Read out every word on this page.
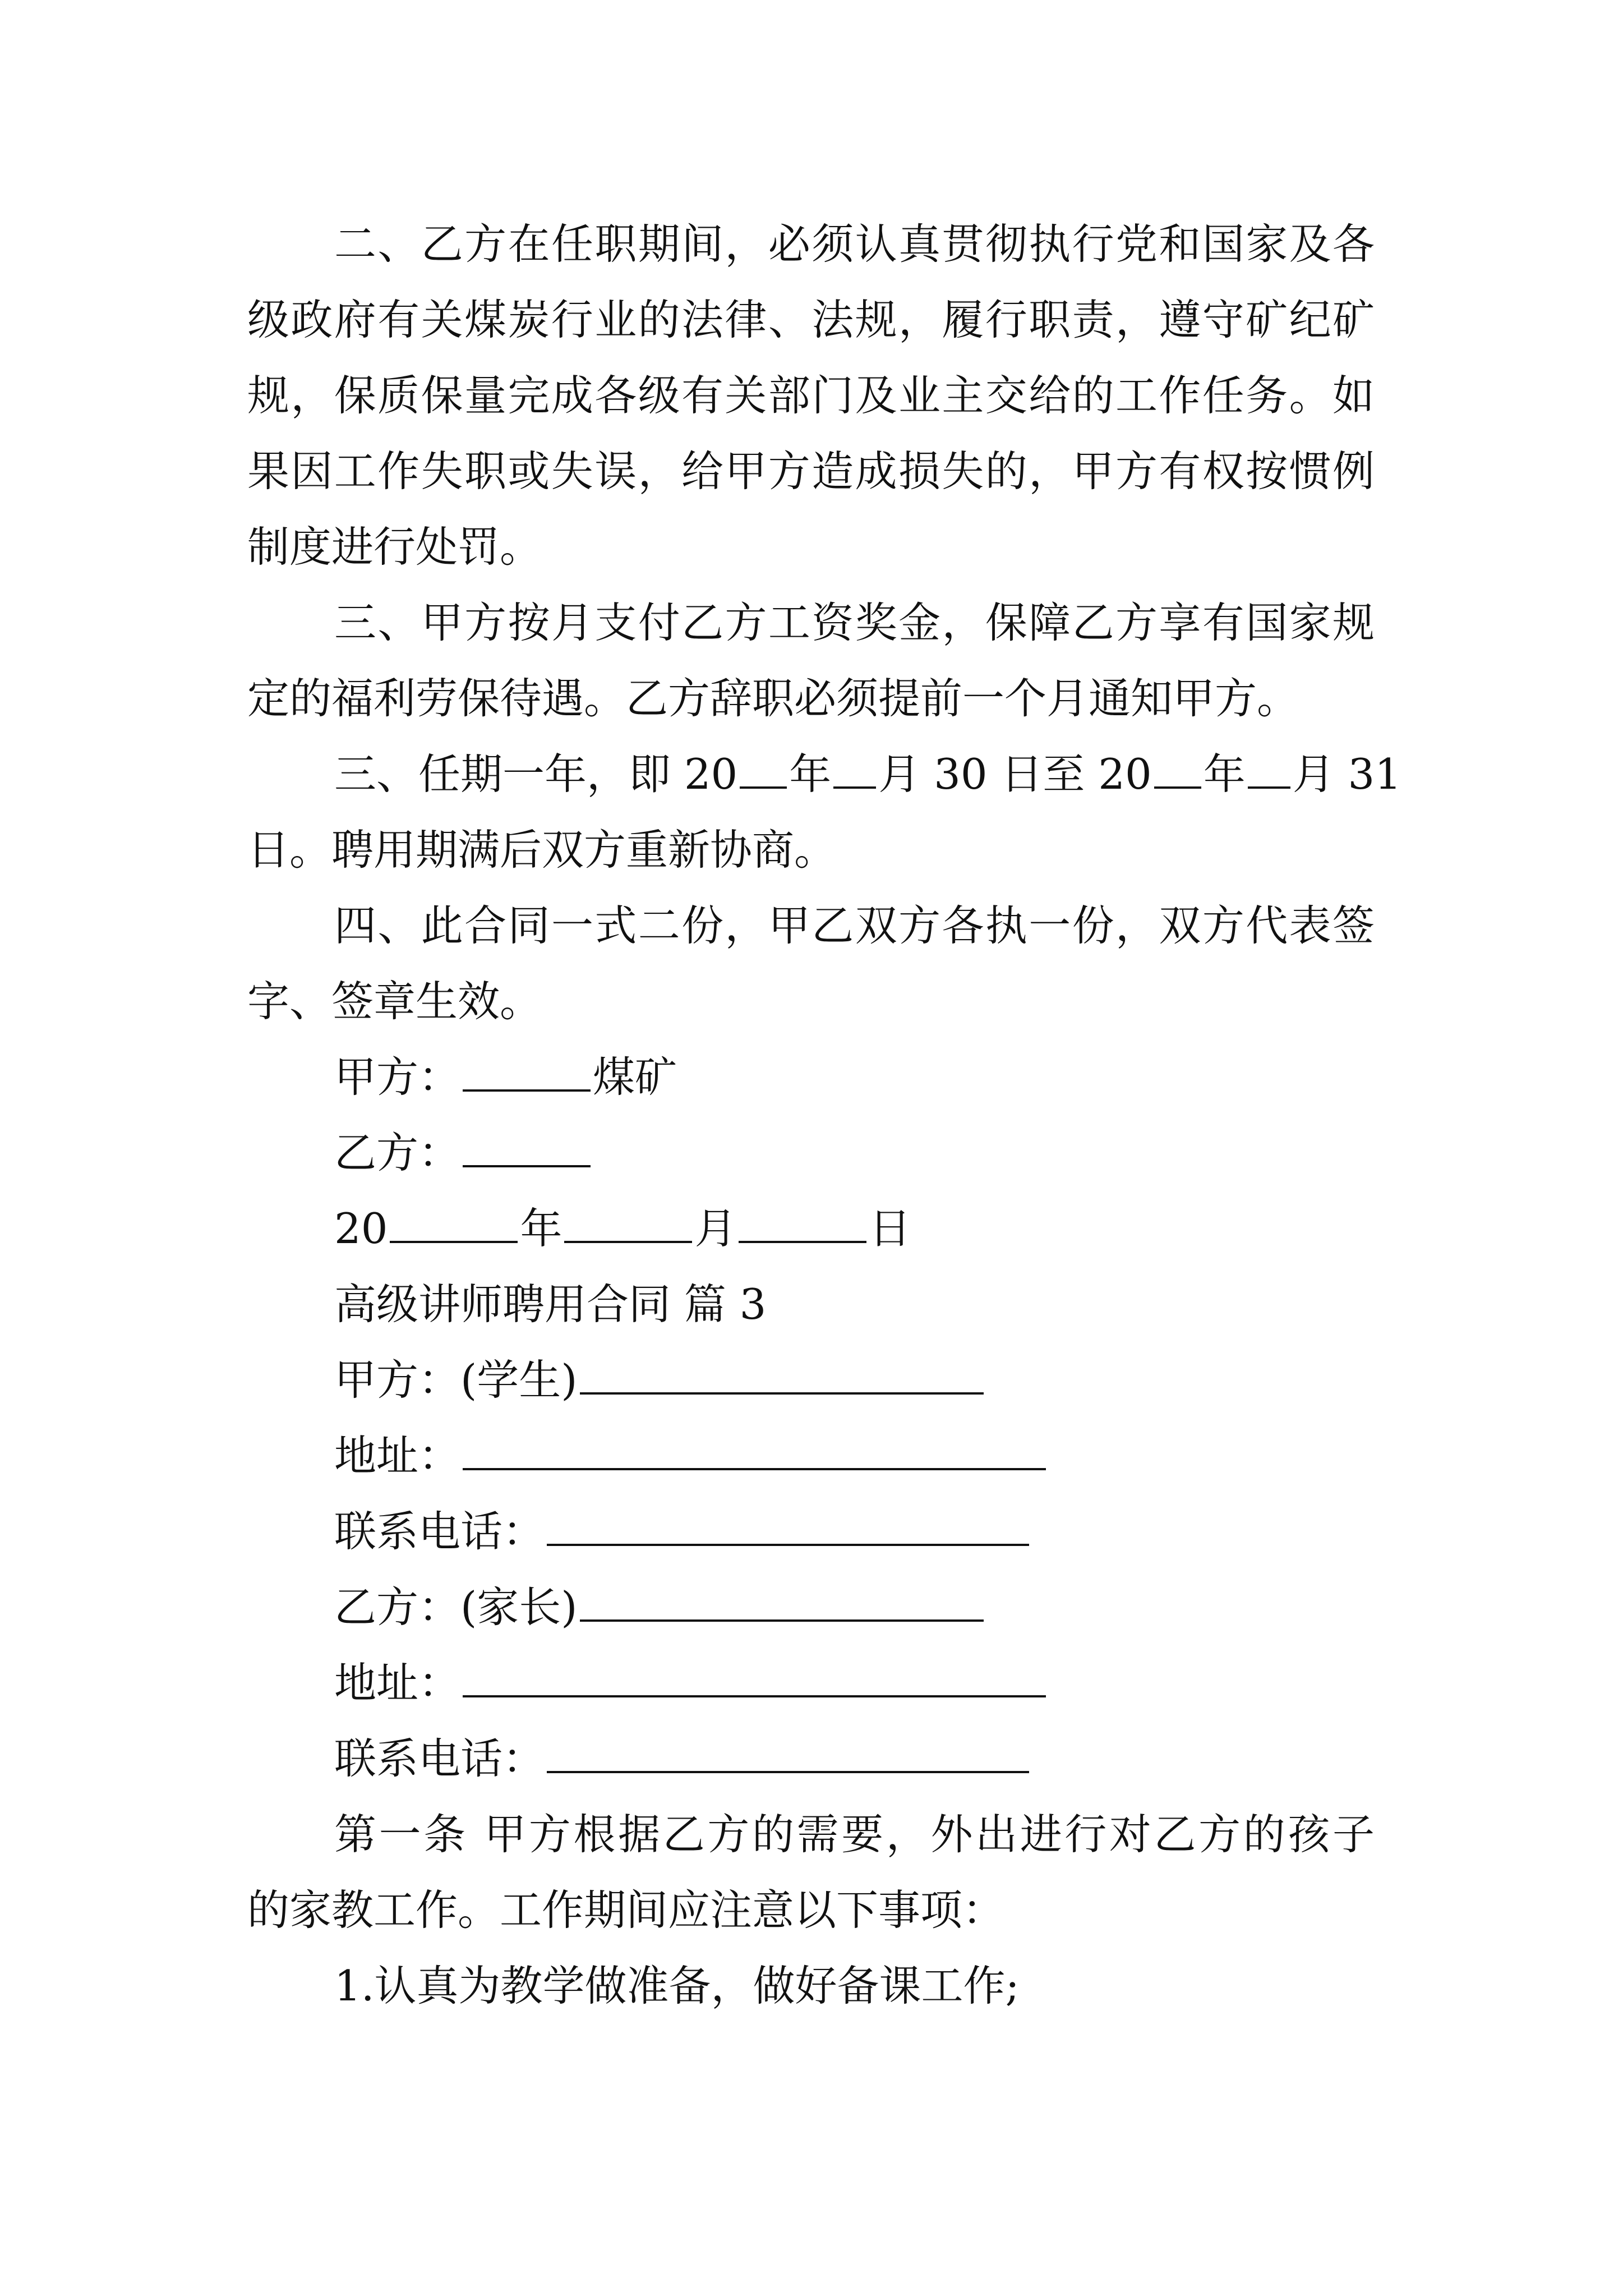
二、乙方在任职期间，必须认真贯彻执行党和国家及各
级政府有关煤炭行业的法律、法规，履行职责，遵守矿纪矿
规，保质保量完成各级有关部门及业主交给的工作任务。如
果因工作失职或失误，给甲方造成损失的，甲方有权按惯例
制度进行处罚。
三、甲方按月支付乙方工资奖金，保障乙方享有国家规
定的福利劳保待遇。乙方辞职必须提前一个月通知甲方。
三、任期一年，即 20 年 月 30 日至 20 年 月 31
日。聘用期满后双方重新协商。
四、此合同一式二份，甲乙双方各执一份，双方代表签
字、签章生效。
甲方：	煤矿
乙方：
20	年	月	日
高级讲师聘用合同 篇 3
甲方：(学生)
地址：
联系电话：
乙方：(家长)
地址：
联系电话：
第一条 甲方根据乙方的需要，外出进行对乙方的孩子
的家教工作。工作期间应注意以下事项：
1.认真为教学做准备，做好备课工作;
